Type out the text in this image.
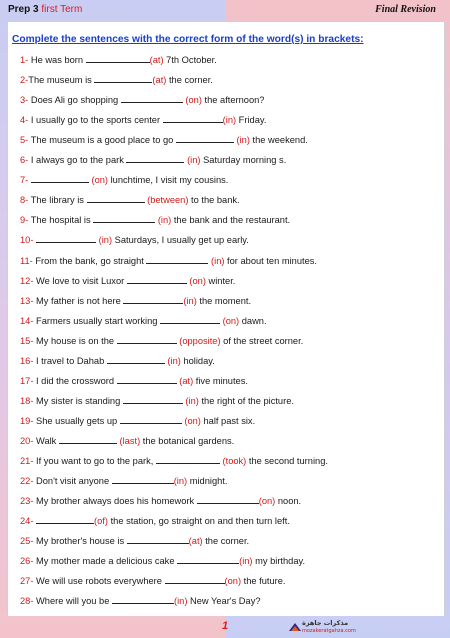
Prep 3 first Term	Final Revision
Complete the sentences with the correct form of the word(s) in brackets:
1- He was born	(at) 7th October.
2-The museum is	(at) the corner.
3- Does Ali go shopping	(on) the afternoon?
4- I usually go to the sports center	(in) Friday.
5- The museum is a good place to go	(in) the weekend.
6- I always go to the park	(in) Saturday morning s.
7-	(on) lunchtime, I visit my cousins.
8- The library is	(between) to the bank.
9- The hospital is	(in) the bank and the restaurant.
10-	(in) Saturdays, I usually get up early.
11- From the bank, go straight	(in) for about ten minutes.
12- We love to visit Luxor	(on) winter.
13- My father is not here	(in) the moment.
14- Farmers usually start working	(on) dawn.
15- My house is on the	(opposite) of the street corner.
16- I travel to Dahab	(in) holiday.
17- I did the crossword	(at) five minutes.
18- My sister is standing	(in) the right of the picture.
19- She usually gets up	(on) half past six.
20- Walk	(last) the botanical gardens.
21- If you want to go to the park,	(took) the second turning.
22- Don't visit anyone	(in) midnight.
23- My brother always does his homework	(on) noon.
24-	(of) the station, go straight on and then turn left.
25- My brother's house is	(at) the corner.
26- My mother made a delicious cake	(in) my birthday.
27- We will use robots everywhere	(on) the future.
28- Where will you be	(in) New Year's Day?
1	مذكرات جاهزة
mozakeratgahza.com
